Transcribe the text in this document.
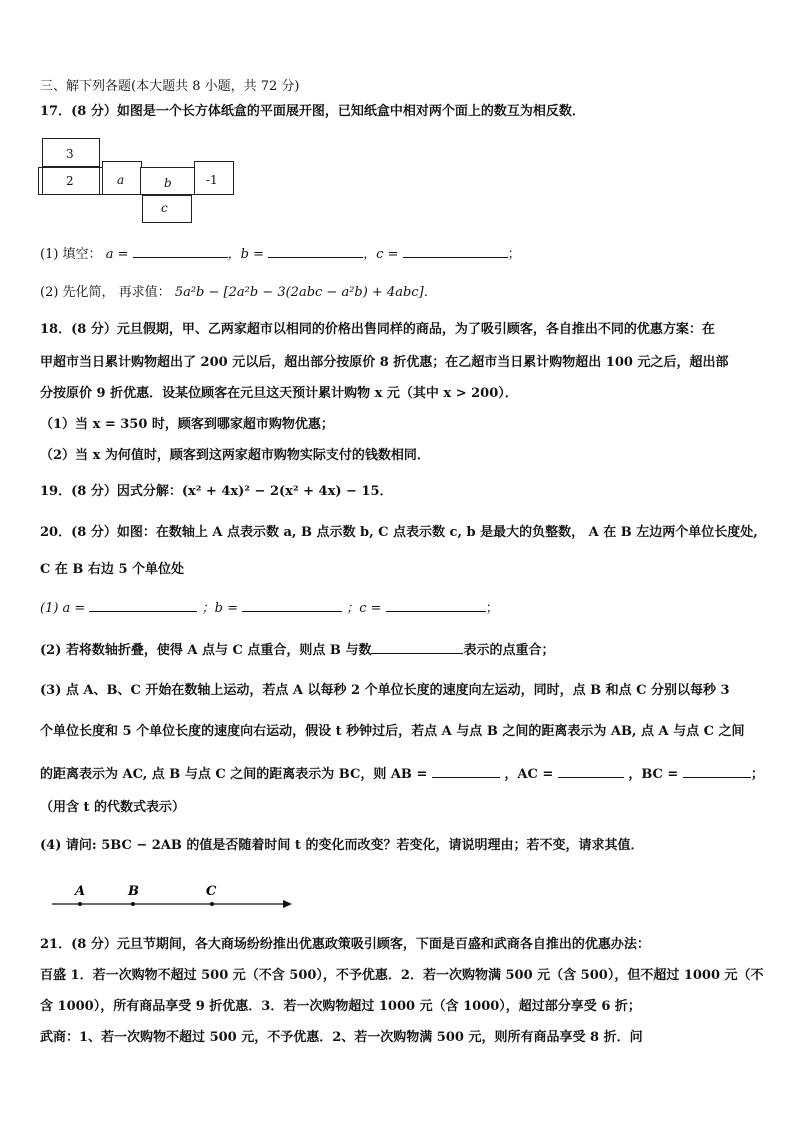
三、解下列各题(本大题共 8 小题，共 72 分)
17．(8 分）如图是一个长方体纸盒的平面展开图，已知纸盒中相对两个面上的数互为相反数．
3
2	a	b	-1
c
(1) 填空： a =	，b =	，c =	；
(2) 先化简， 再求值： 5a²b − [2a²b − 3(2abc − a²b) + 4abc]．
18．(8 分）元旦假期，甲、乙两家超市以相同的价格出售同样的商品，为了吸引顾客，各自推出不同的优惠方案：在
甲超市当日累计购物超出了 200 元以后，超出部分按原价 8 折优惠；在乙超市当日累计购物超出 100 元之后，超出部
分按原价 9 折优惠．设某位顾客在元旦这天预计累计购物 x 元（其中 x > 200）．
（1）当 x = 350 时，顾客到哪家超市购物优惠；
（2）当 x 为何值时，顾客到这两家超市购物实际支付的钱数相同．
19．(8 分）因式分解：(x² + 4x)² − 2(x² + 4x) − 15．
20．(8 分）如图：在数轴上 A 点表示数 a, B 点示数 b, C 点表示数 c, b 是最大的负整数， A 在 B 左边两个单位长度处,
C 在 B 右边 5 个单位处
(1) a =	；b =	；c =	；
(2) 若将数轴折叠，使得 A 点与 C 点重合，则点 B 与数	表示的点重合；
(3) 点 A、B、C 开始在数轴上运动，若点 A 以每秒 2 个单位长度的速度向左运动，同时，点 B 和点 C 分别以每秒 3
个单位长度和 5 个单位长度的速度向右运动，假设 t 秒钟过后，若点 A 与点 B 之间的距离表示为 AB, 点 A 与点 C 之间
的距离表示为 AC, 点 B 与点 C 之间的距离表示为 BC，则 AB =	，AC =	，BC =	；
（用含 t 的代数式表示）
(4) 请问: 5BC − 2AB 的值是否随着时间 t 的变化而改变？若变化，请说明理由；若不变，请求其值．
A	B	C
21．(8 分）元旦节期间，各大商场纷纷推出优惠政策吸引顾客，下面是百盛和武商各自推出的优惠办法：
百盛 1．若一次购物不超过 500 元（不含 500），不予优惠．2．若一次购物满 500 元（含 500），但不超过 1000 元（不
含 1000），所有商品享受 9 折优惠．3．若一次购物超过 1000 元（含 1000），超过部分享受 6 折；
武商：1、若一次购物不超过 500 元，不予优惠．2、若一次购物满 500 元，则所有商品享受 8 折．问
